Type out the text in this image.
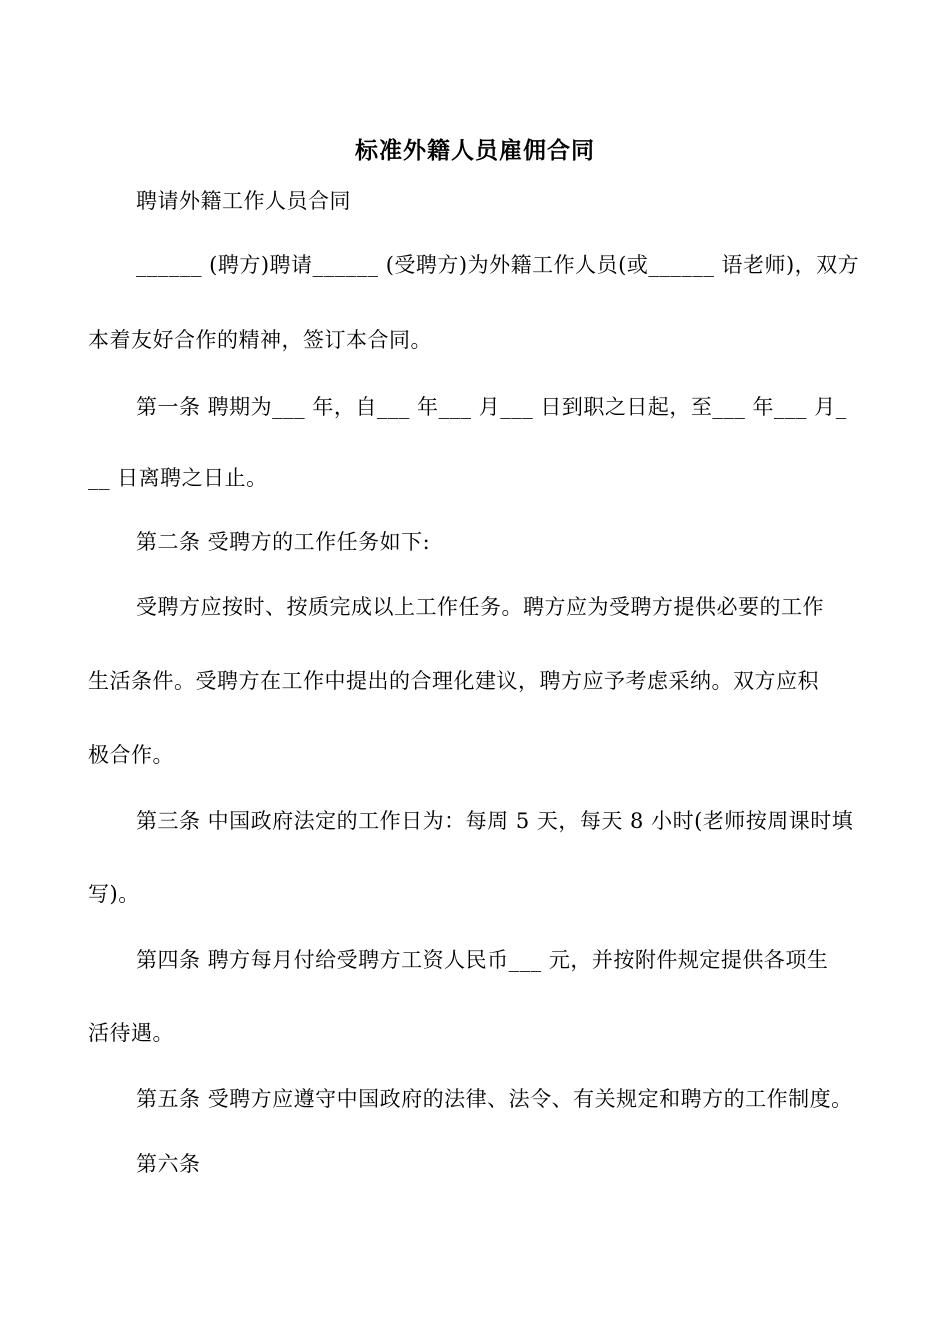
标准外籍人员雇佣合同
聘请外籍工作人员合同
______ (聘方)聘请______ (受聘方)为外籍工作人员(或______ 语老师)，双方
本着友好合作的精神，签订本合同。
第一条 聘期为___ 年，自___ 年___ 月___ 日到职之日起，至___ 年___ 月_
__ 日离聘之日止。
第二条 受聘方的工作任务如下:
受聘方应按时、按质完成以上工作任务。聘方应为受聘方提供必要的工作
生活条件。受聘方在工作中提出的合理化建议，聘方应予考虑采纳。双方应积
极合作。
第三条 中国政府法定的工作日为：每周 5 天，每天 8 小时(老师按周课时填
写)。
第四条 聘方每月付给受聘方工资人民币___ 元，并按附件规定提供各项生
活待遇。
第五条 受聘方应遵守中国政府的法律、法令、有关规定和聘方的工作制度。
第六条
